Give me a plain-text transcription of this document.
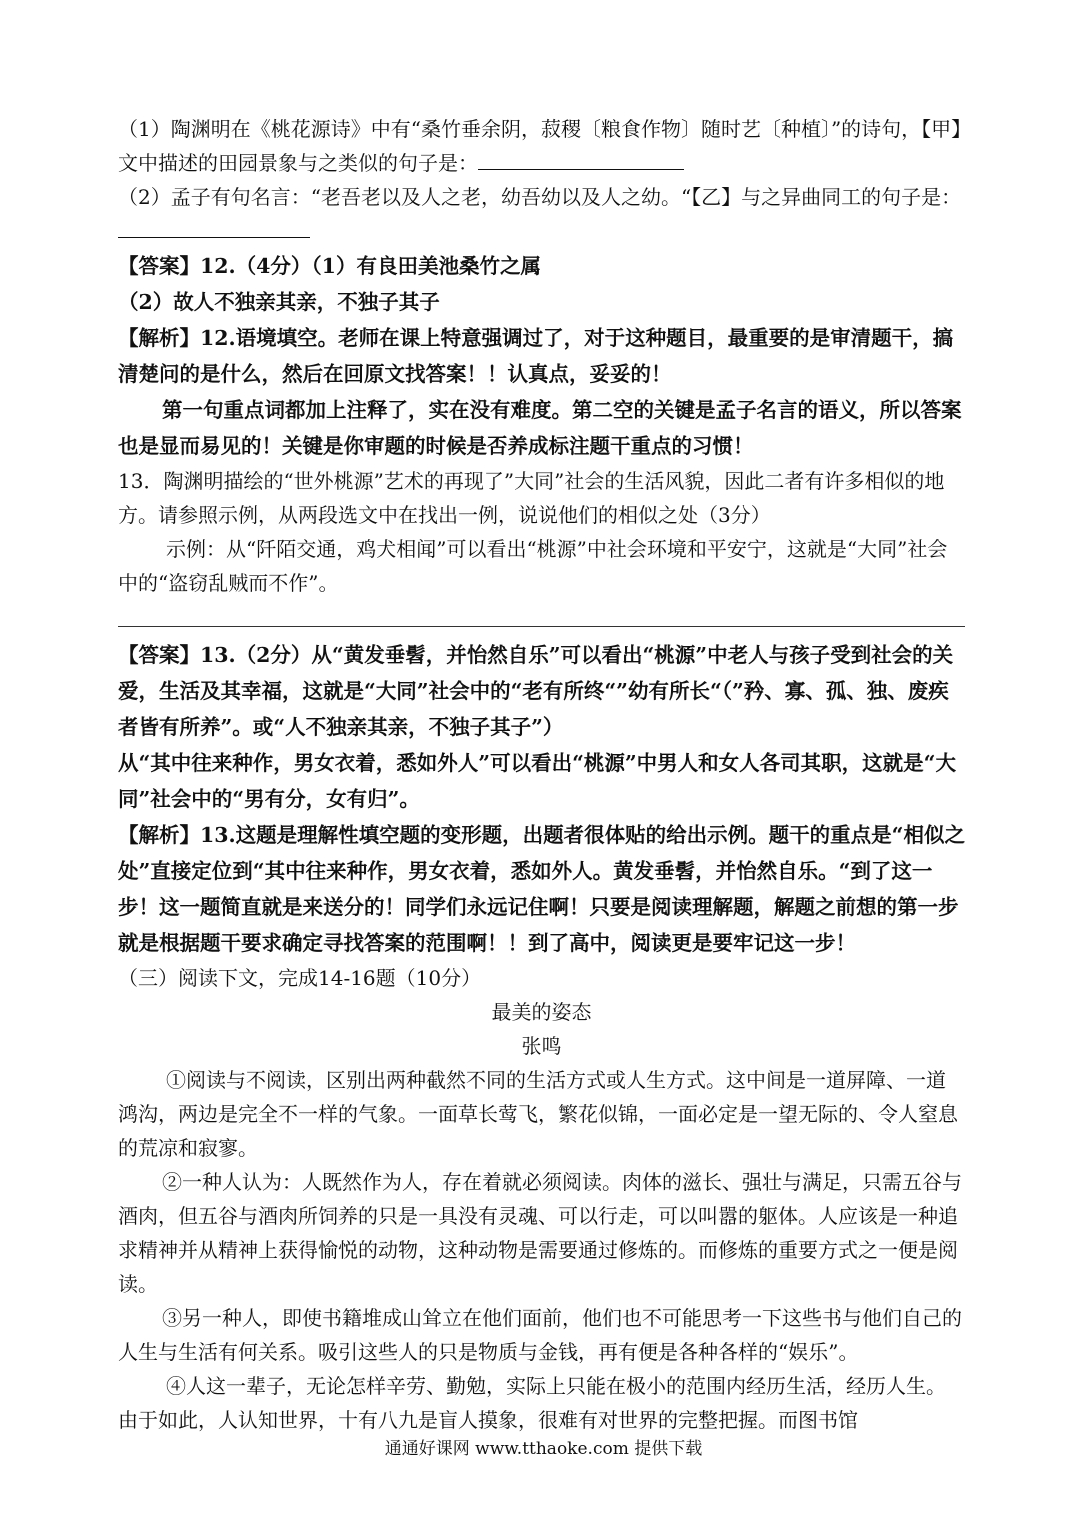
（1）陶渊明在《桃花源诗》中有“桑竹垂余阴，菽稷〔粮食作物〕随时艺〔种植〕”的诗句，【甲】文中描述的田园景象与之类似的句子是：

（2）孟子有句名言：“老吾老以及人之老，幼吾幼以及人之幼。“【乙】与之异曲同工的句子是：

【答案】12.（4分）（1）有良田美池桑竹之属

（2）故人不独亲其亲，不独子其子

【解析】12.语境填空。老师在课上特意强调过了，对于这种题目，最重要的是审清题干，搞清楚问的是什么，然后在回原文找答案！！认真点，妥妥的！

第一句重点词都加上注释了，实在没有难度。第二空的关键是孟子名言的语义，所以答案也是显而易见的！关键是你审题的时候是否养成标注题干重点的习惯！

13．陶渊明描绘的“世外桃源”艺术的再现了”大同”社会的生活风貌，因此二者有许多相似的地方。请参照示例，从两段选文中在找出一例，说说他们的相似之处（3分）

示例：从“阡陌交通，鸡犬相闻”可以看出“桃源”中社会环境和平安宁，这就是“大同”社会中的“盗窃乱贼而不作”。

【答案】13.（2分）从“黄发垂髫，并怡然自乐”可以看出“桃源”中老人与孩子受到社会的关爱，生活及其幸福，这就是“大同”社会中的“老有所终“”幼有所长“（”矜、寡、孤、独、废疾者皆有所养”。或“人不独亲其亲，不独子其子”）

从“其中往来种作，男女衣着，悉如外人”可以看出“桃源”中男人和女人各司其职，这就是“大同”社会中的“男有分，女有归”。

【解析】13.这题是理解性填空题的变形题，出题者很体贴的给出示例。题干的重点是“相似之处”直接定位到“其中往来种作，男女衣着，悉如外人。黄发垂髫，并怡然自乐。“到了这一步！这一题简直就是来送分的！同学们永远记住啊！只要是阅读理解题，解题之前想的第一步就是根据题干要求确定寻找答案的范围啊！！到了高中，阅读更是要牢记这一步！

（三）阅读下文，完成14-16题（10分）

最美的姿态

张鸣

①阅读与不阅读，区别出两种截然不同的生活方式或人生方式。这中间是一道屏障、一道鸿沟，两边是完全不一样的气象。一面草长莺飞，繁花似锦，一面必定是一望无际的、令人窒息的荒凉和寂寥。

②一种人认为：人既然作为人，存在着就必须阅读。肉体的滋长、强壮与满足，只需五谷与酒肉，但五谷与酒肉所饲养的只是一具没有灵魂、可以行走，可以叫嚣的躯体。人应该是一种追求精神并从精神上获得愉悦的动物，这种动物是需要通过修炼的。而修炼的重要方式之一便是阅读。

③另一种人，即使书籍堆成山耸立在他们面前，他们也不可能思考一下这些书与他们自己的人生与生活有何关系。吸引这些人的只是物质与金钱，再有便是各种各样的“娱乐”。

④人这一辈子，无论怎样辛劳、勤勉，实际上只能在极小的范围内经历生活，经历人生。由于如此，人认知世界，十有八九是盲人摸象，很难有对世界的完整把握。而图书馆

通通好课网 www.tthaoke.com 提供下载
